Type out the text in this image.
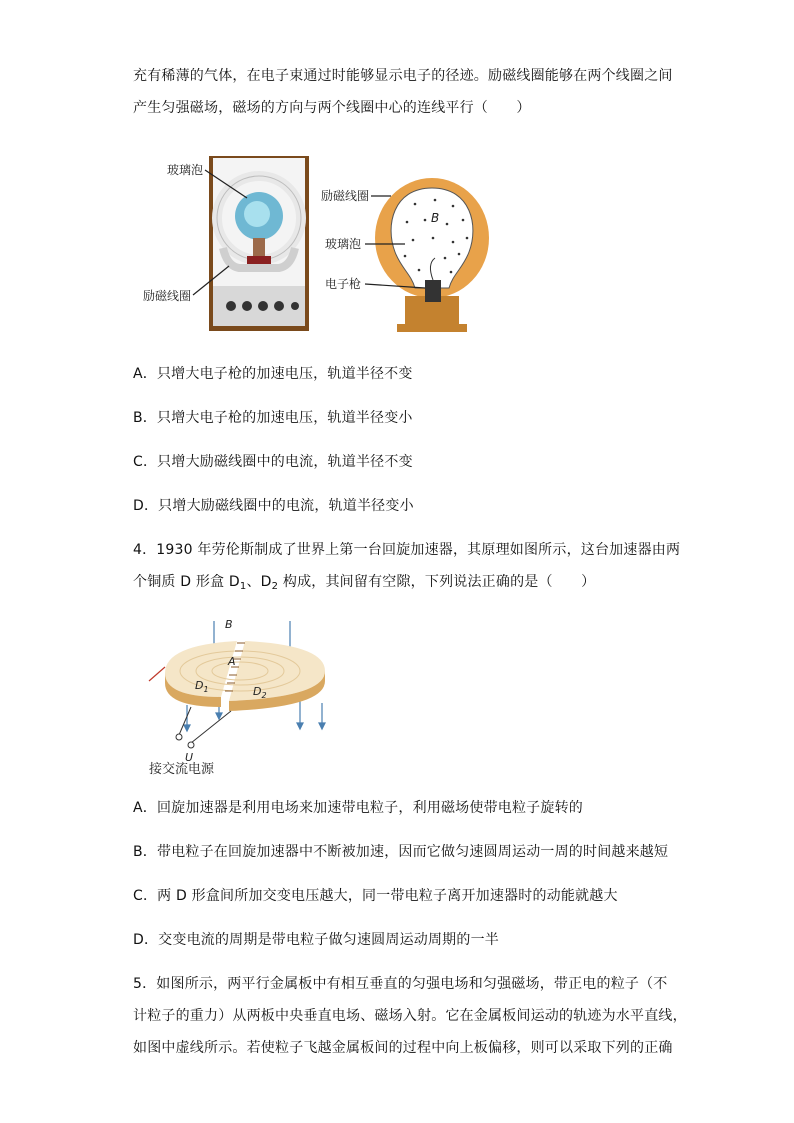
充有稀薄的气体，在电子束通过时能够显示电子的径迹。励磁线圈能够在两个线圈之间
产生匀强磁场，磁场的方向与两个线圈中心的连线平行（　　）
玻璃泡
励磁线圈
B
励磁线圈
玻璃泡
电子枪
A．只增大电子枪的加速电压，轨道半径不变
B．只增大电子枪的加速电压，轨道半径变小
C．只增大励磁线圈中的电流，轨道半径不变
D．只增大励磁线圈中的电流，轨道半径变小
4．1930 年劳伦斯制成了世界上第一台回旋加速器，其原理如图所示，这台加速器由两
个铜质 D 形盒 $D_1$、$D_2$ 构成，其间留有空隙，下列说法正确的是（　　）
B
A
$D_1$	$D_2$
U
接交流电源
A．回旋加速器是利用电场来加速带电粒子，利用磁场使带电粒子旋转的
B．带电粒子在回旋加速器中不断被加速，因而它做匀速圆周运动一周的时间越来越短
C．两 D 形盒间所加交变电压越大，同一带电粒子离开加速器时的动能就越大
D．交变电流的周期是带电粒子做匀速圆周运动周期的一半
5．如图所示，两平行金属板中有相互垂直的匀强电场和匀强磁场，带正电的粒子（不
计粒子的重力）从两板中央垂直电场、磁场入射。它在金属板间运动的轨迹为水平直线，
如图中虚线所示。若使粒子飞越金属板间的过程中向上板偏移，则可以采取下列的正确
